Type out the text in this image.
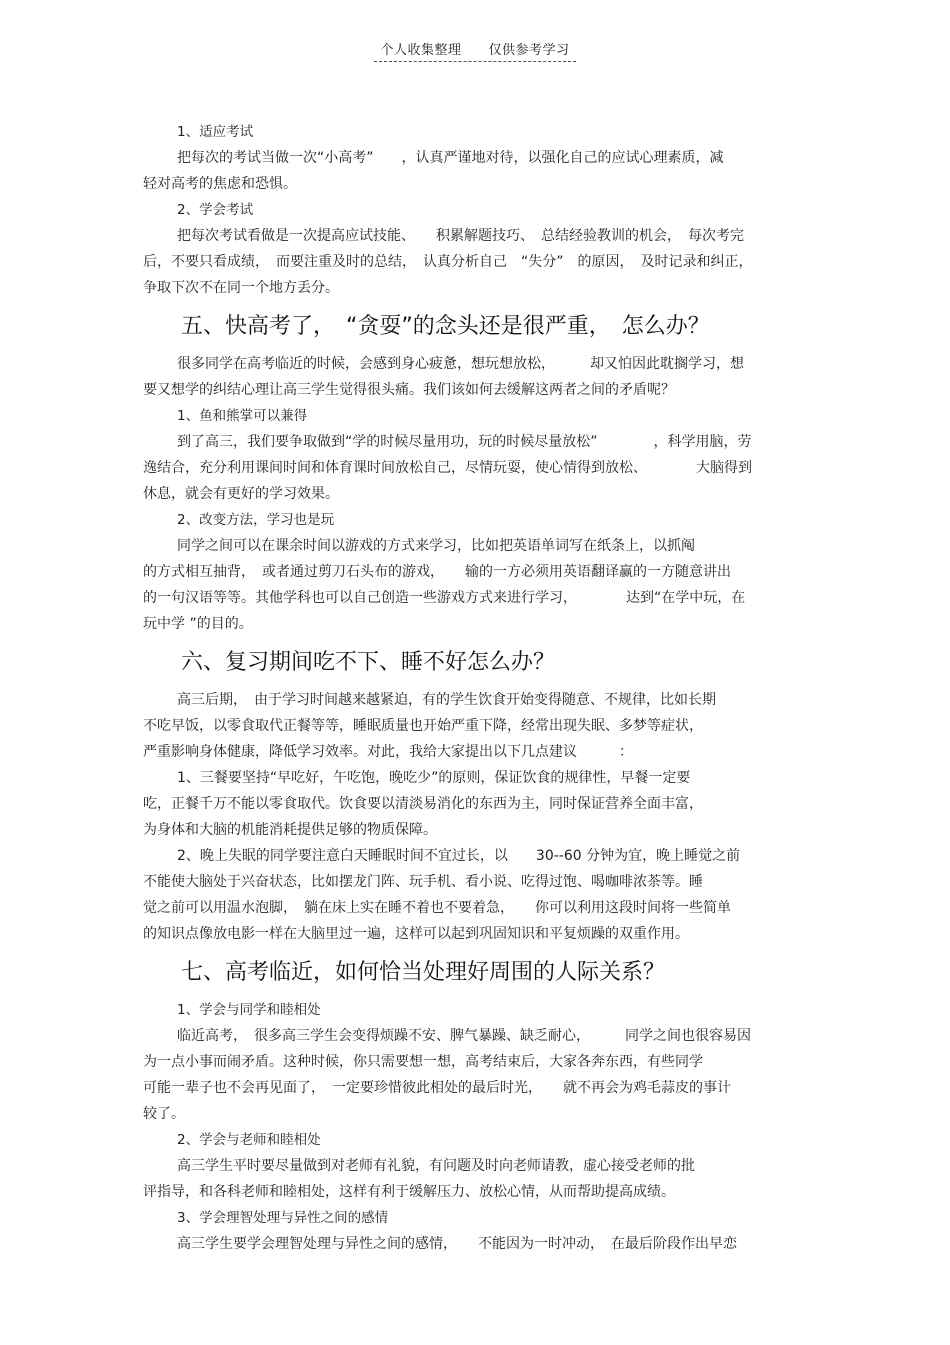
个人收集整理　　仅供参考学习
1、适应考试
把每次的考试当做一次“小高考”　　，认真严谨地对待，以强化自己的应试心理素质，减
轻对高考的焦虑和恐惧。
2、学会考试
把每次考试看做是一次提高应试技能、　　积累解题技巧、　总结经验教训的机会，　每次考完
后，不要只看成绩，　而要注重及时的总结，　认真分析自己　“失分”　的原因，　及时记录和纠正，
争取下次不在同一个地方丢分。
五、快高考了，　“贪耍”的念头还是很严重，　怎么办？
很多同学在高考临近的时候，会感到身心疲惫，想玩想放松，　　　却又怕因此耽搁学习，想
要又想学的纠结心理让高三学生觉得很头痛。我们该如何去缓解这两者之间的矛盾呢？
1、鱼和熊掌可以兼得
到了高三，我们要争取做到“学的时候尽量用功，玩的时候尽量放松”　　　　，科学用脑，劳
逸结合，充分利用课间时间和体育课时间放松自己，尽情玩耍，使心情得到放松、　　　　大脑得到
休息，就会有更好的学习效果。
2、改变方法，学习也是玩
同学之间可以在课余时间以游戏的方式来学习，比如把英语单词写在纸条上，以抓阄
的方式相互抽背，　或者通过剪刀石头布的游戏，　　输的一方必须用英语翻译赢的一方随意讲出
的一句汉语等等。其他学科也可以自己创造一些游戏方式来进行学习，　　　　达到“在学中玩，在
玩中学 ”的目的。
六、复习期间吃不下、睡不好怎么办？
高三后期，　由于学习时间越来越紧迫，有的学生饮食开始变得随意、不规律，比如长期
不吃早饭，以零食取代正餐等等，睡眠质量也开始严重下降，经常出现失眠、多梦等症状，
严重影响身体健康，降低学习效率。对此，我给大家提出以下几点建议　　　：
1、三餐要坚持“早吃好，午吃饱，晚吃少”的原则，保证饮食的规律性，早餐一定要
吃，正餐千万不能以零食取代。饮食要以清淡易消化的东西为主，同时保证营养全面丰富，
为身体和大脑的机能消耗提供足够的物质保障。
2、晚上失眠的同学要注意白天睡眠时间不宜过长，以　　30--60 分钟为宜，晚上睡觉之前
不能使大脑处于兴奋状态，比如摆龙门阵、玩手机、看小说、吃得过饱、喝咖啡浓茶等。睡
觉之前可以用温水泡脚，　躺在床上实在睡不着也不要着急，　　你可以利用这段时间将一些简单
的知识点像放电影一样在大脑里过一遍，这样可以起到巩固知识和平复烦躁的双重作用。
七、高考临近，如何恰当处理好周围的人际关系？
1、学会与同学和睦相处
临近高考，　很多高三学生会变得烦躁不安、脾气暴躁、缺乏耐心，　　　同学之间也很容易因
为一点小事而闹矛盾。这种时候，你只需要想一想，高考结束后，大家各奔东西，有些同学
可能一辈子也不会再见面了，　一定要珍惜彼此相处的最后时光，　　就不再会为鸡毛蒜皮的事计
较了。
2、学会与老师和睦相处
高三学生平时要尽量做到对老师有礼貌，有问题及时向老师请教，虚心接受老师的批
评指导，和各科老师和睦相处，这样有利于缓解压力、放松心情，从而帮助提高成绩。
3、学会理智处理与异性之间的感情
高三学生要学会理智处理与异性之间的感情，　　不能因为一时冲动，　在最后阶段作出早恋
